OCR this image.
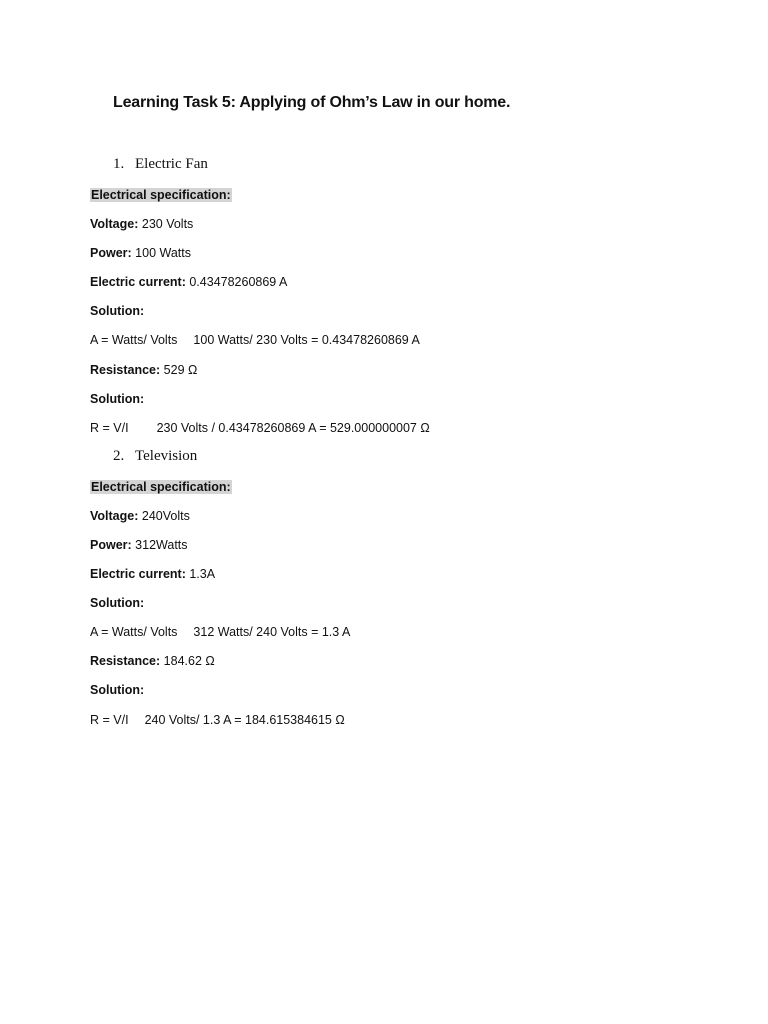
Learning Task 5: Applying of Ohm’s Law in our home.
1. Electric Fan
Electrical specification:
Voltage: 230 Volts
Power: 100 Watts
Electric current: 0.43478260869 A
Solution:
A = Watts/ Volts 100 Watts/ 230 Volts = 0.43478260869 A
Resistance: 529 Ω
Solution:
R = V/I 230 Volts / 0.43478260869 A = 529.000000007 Ω
2. Television
Electrical specification:
Voltage: 240Volts
Power: 312Watts
Electric current: 1.3A
Solution:
A = Watts/ Volts 312 Watts/ 240 Volts = 1.3 A
Resistance: 184.62 Ω
Solution:
R = V/I 240 Volts/ 1.3 A = 184.615384615 Ω
